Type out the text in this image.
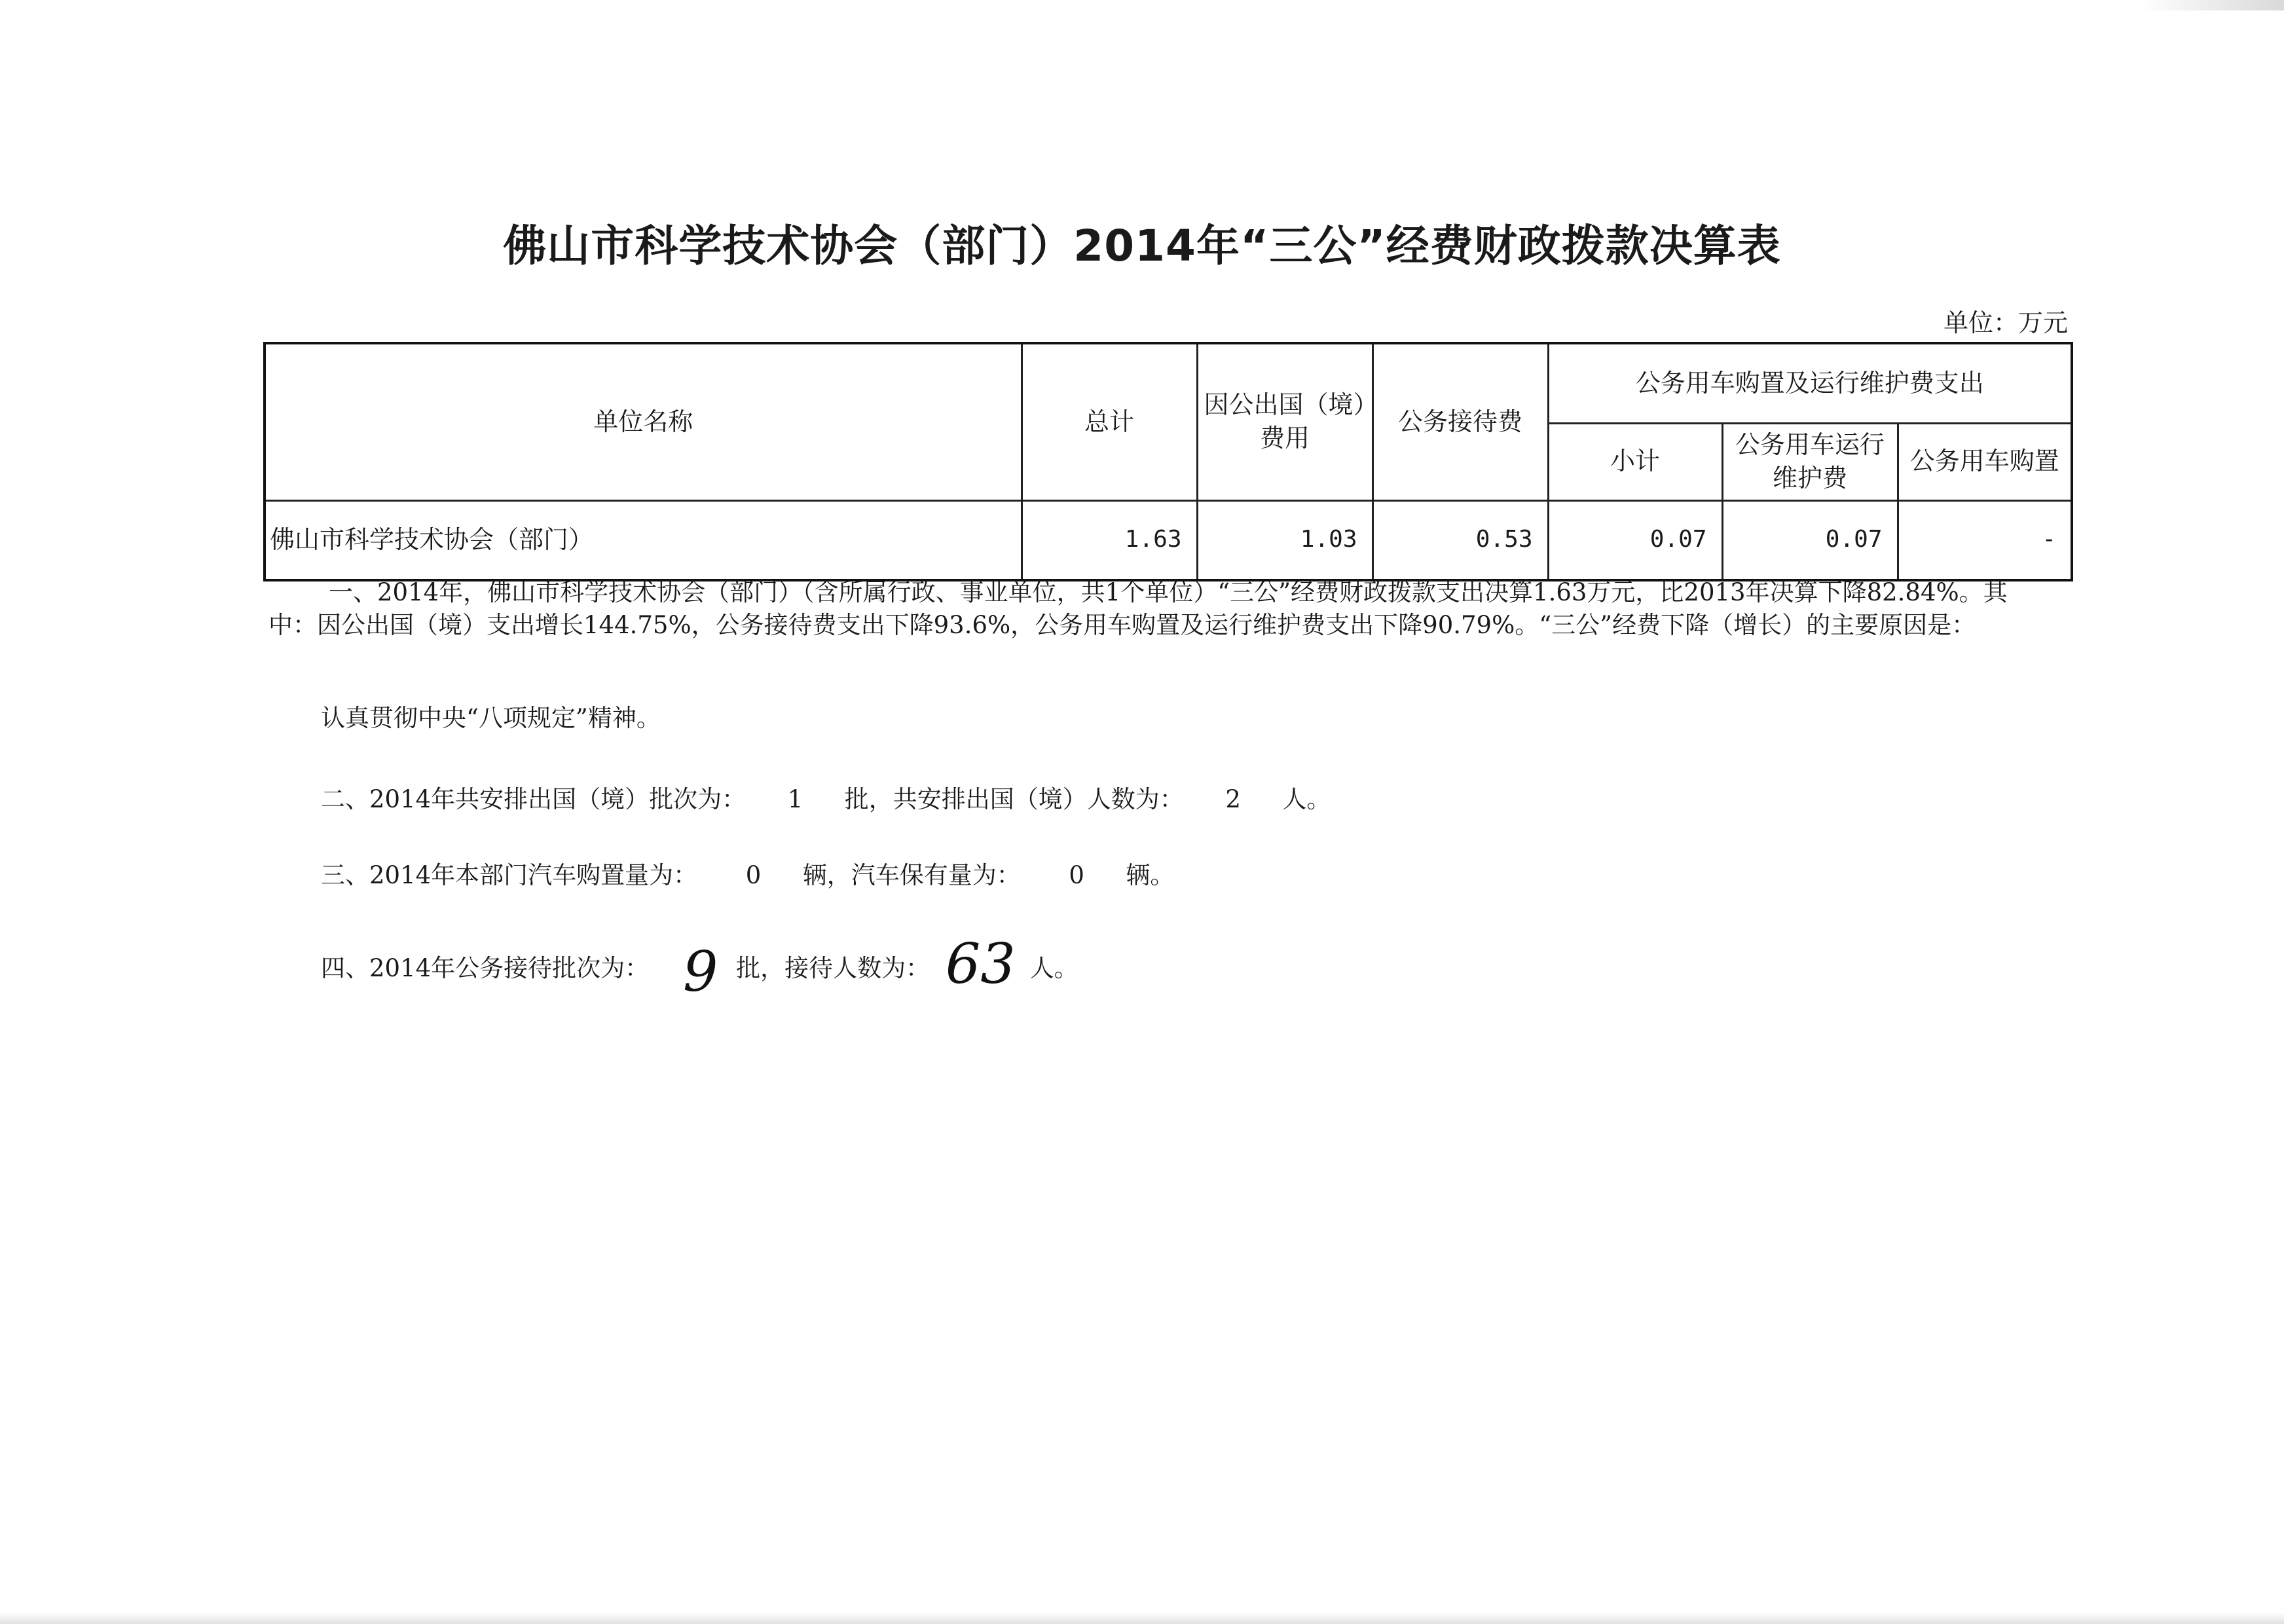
佛山市科学技术协会（部门）2014年“三公”经费财政拨款决算表
单位：万元
单位名称	总计	因公出国（境）费用	公务接待费	公务用车购置及运行维护费支出		
				小计	公务用车运行维护费	公务用车购置
佛山市科学技术协会（部门）	1.63	1.03	0.53	0.07	0.07	-
一、2014年，佛山市科学技术协会（部门）（含所属行政、事业单位，共1个单位）“三公”经费财政拨款支出决算1.63万元，比2013年决算下降82.84%。其中：因公出国（境）支出增长144.75%，公务接待费支出下降93.6%，公务用车购置及运行维护费支出下降90.79%。“三公”经费下降（增长）的主要原因是：
认真贯彻中央“八项规定”精神。
二、2014年共安排出国（境）批次为： 1 批，共安排出国（境）人数为： 2 人。
三、2014年本部门汽车购置量为： 0 辆，汽车保有量为： 0 辆。
四、2014年公务接待批次为： 9 批，接待人数为： 63 人。
